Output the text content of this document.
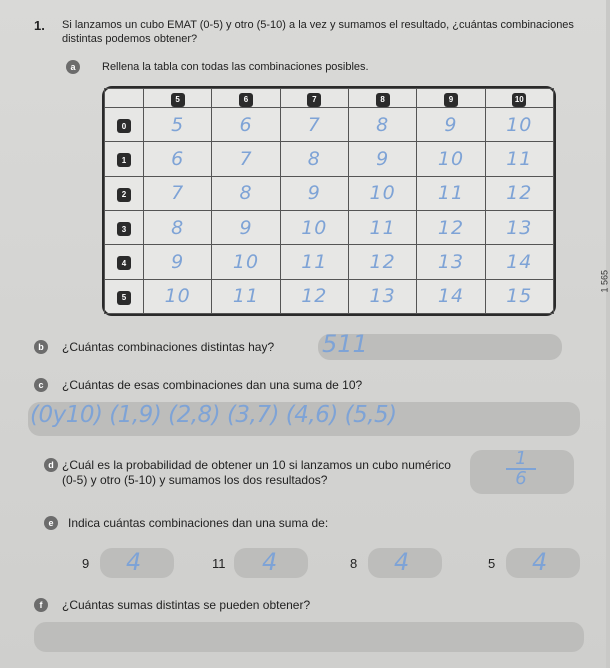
1. Si lanzamos un cubo EMAT (0-5) y otro (5-10) a la vez y sumamos el resultado, ¿cuántas combinaciones distintas podemos obtener?
a	Rellena la tabla con todas las combinaciones posibles.
	5	6	7	8	9	10
0	5	6	7	8	9	10
1	6	7	8	9	10	11
2	7	8	9	10	11	12
3	8	9	10	11	12	13
4	9	10	11	12	13	14
5	10	11	12	13	14	15
1 565
b	¿Cuántas combinaciones distintas hay? 511
c	¿Cuántas de esas combinaciones dan una suma de 10?
(0y10) (1,9) (2,8) (3,7) (4,6) (5,5)
d ¿Cuál es la probabilidad de obtener un 10 si lanzamos un cubo numérico (0-5) y otro (5-10) y sumamos los dos resultados?	$\frac{1}{6}$
e	Indica cuántas combinaciones dan una suma de:
9 4	11 4	8 4	5 4
f	¿Cuántas sumas distintas se pueden obtener?
